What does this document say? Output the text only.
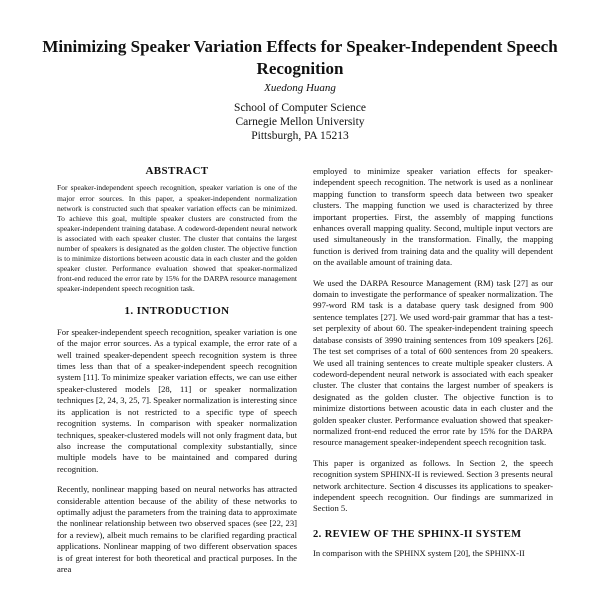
Minimizing Speaker Variation Effects for Speaker-Independent Speech Recognition
Xuedong Huang
School of Computer Science
Carnegie Mellon University
Pittsburgh, PA 15213
ABSTRACT

For speaker-independent speech recognition, speaker variation is one of the major error sources. In this paper, a speaker-independent normalization network is constructed such that speaker variation effects can be minimized. To achieve this goal, multiple speaker clusters are constructed from the speaker-independent training database. A codeword-dependent neural network is associated with each speaker cluster. The cluster that contains the largest number of speakers is designated as the golden cluster. The objective function is to minimize distortions between acoustic data in each cluster and the golden speaker cluster. Performance evaluation showed that speaker-normalized front-end reduced the error rate by 15% for the DARPA resource management speaker-independent speech recognition task.

1. INTRODUCTION

For speaker-independent speech recognition, speaker variation is one of the major error sources. As a typical example, the error rate of a well trained speaker-dependent speech recognition system is three times less than that of a speaker-independent speech recognition system [11]. To minimize speaker variation effects, we can use either speaker-clustered models [28, 11] or speaker normalization techniques [2, 24, 3, 25, 7]. Speaker normalization is interesting since its application is not restricted to a specific type of speech recognition systems. In comparison with speaker normalization techniques, speaker-clustered models will not only fragment data, but also increase the computational complexity substantially, since multiple models have to be maintained and compared during recognition.

Recently, nonlinear mapping based on neural networks has attracted considerable attention because of the ability of these networks to optimally adjust the parameters from the training data to approximate the nonlinear relationship between two observed spaces (see [22, 23] for a review), albeit much remains to be clarified regarding practical applications. Nonlinear mapping of two different observation spaces is of great interest for both theoretical and practical purposes. In the area

employed to minimize speaker variation effects for speaker-independent speech recognition. The network is used as a nonlinear mapping function to transform speech data between two speaker clusters. The mapping function we used is characterized by three important properties. First, the assembly of mapping functions enhances overall mapping quality. Second, multiple input vectors are used simultaneously in the transformation. Finally, the mapping function is derived from training data and the quality will dependent on the available amount of training data.

We used the DARPA Resource Management (RM) task [27] as our domain to investigate the performance of speaker normalization. The 997-word RM task is a database query task designed from 900 sentence templates [27]. We used word-pair grammar that has a test-set perplexity of about 60. The speaker-independent training speech database consists of 3990 training sentences from 109 speakers [26]. The test set comprises of a total of 600 sentences from 20 speakers. We used all training sentences to create multiple speaker clusters. A codeword-dependent neural network is associated with each speaker cluster. The cluster that contains the largest number of speakers is designated as the golden cluster. The objective function is to minimize distortions between acoustic data in each cluster and the golden speaker cluster. Performance evaluation showed that speaker-normalized front-end reduced the error rate by 15% for the DARPA resource management speaker-independent speech recognition task.

This paper is organized as follows. In Section 2, the speech recognition system SPHINX-II is reviewed. Section 3 presents neural network architecture. Section 4 discusses its applications to speaker-independent speech recognition. Our findings are summarized in Section 5.

2. REVIEW OF THE SPHINX-II SYSTEM

In comparison with the SPHINX system [20], the SPHINX-II
